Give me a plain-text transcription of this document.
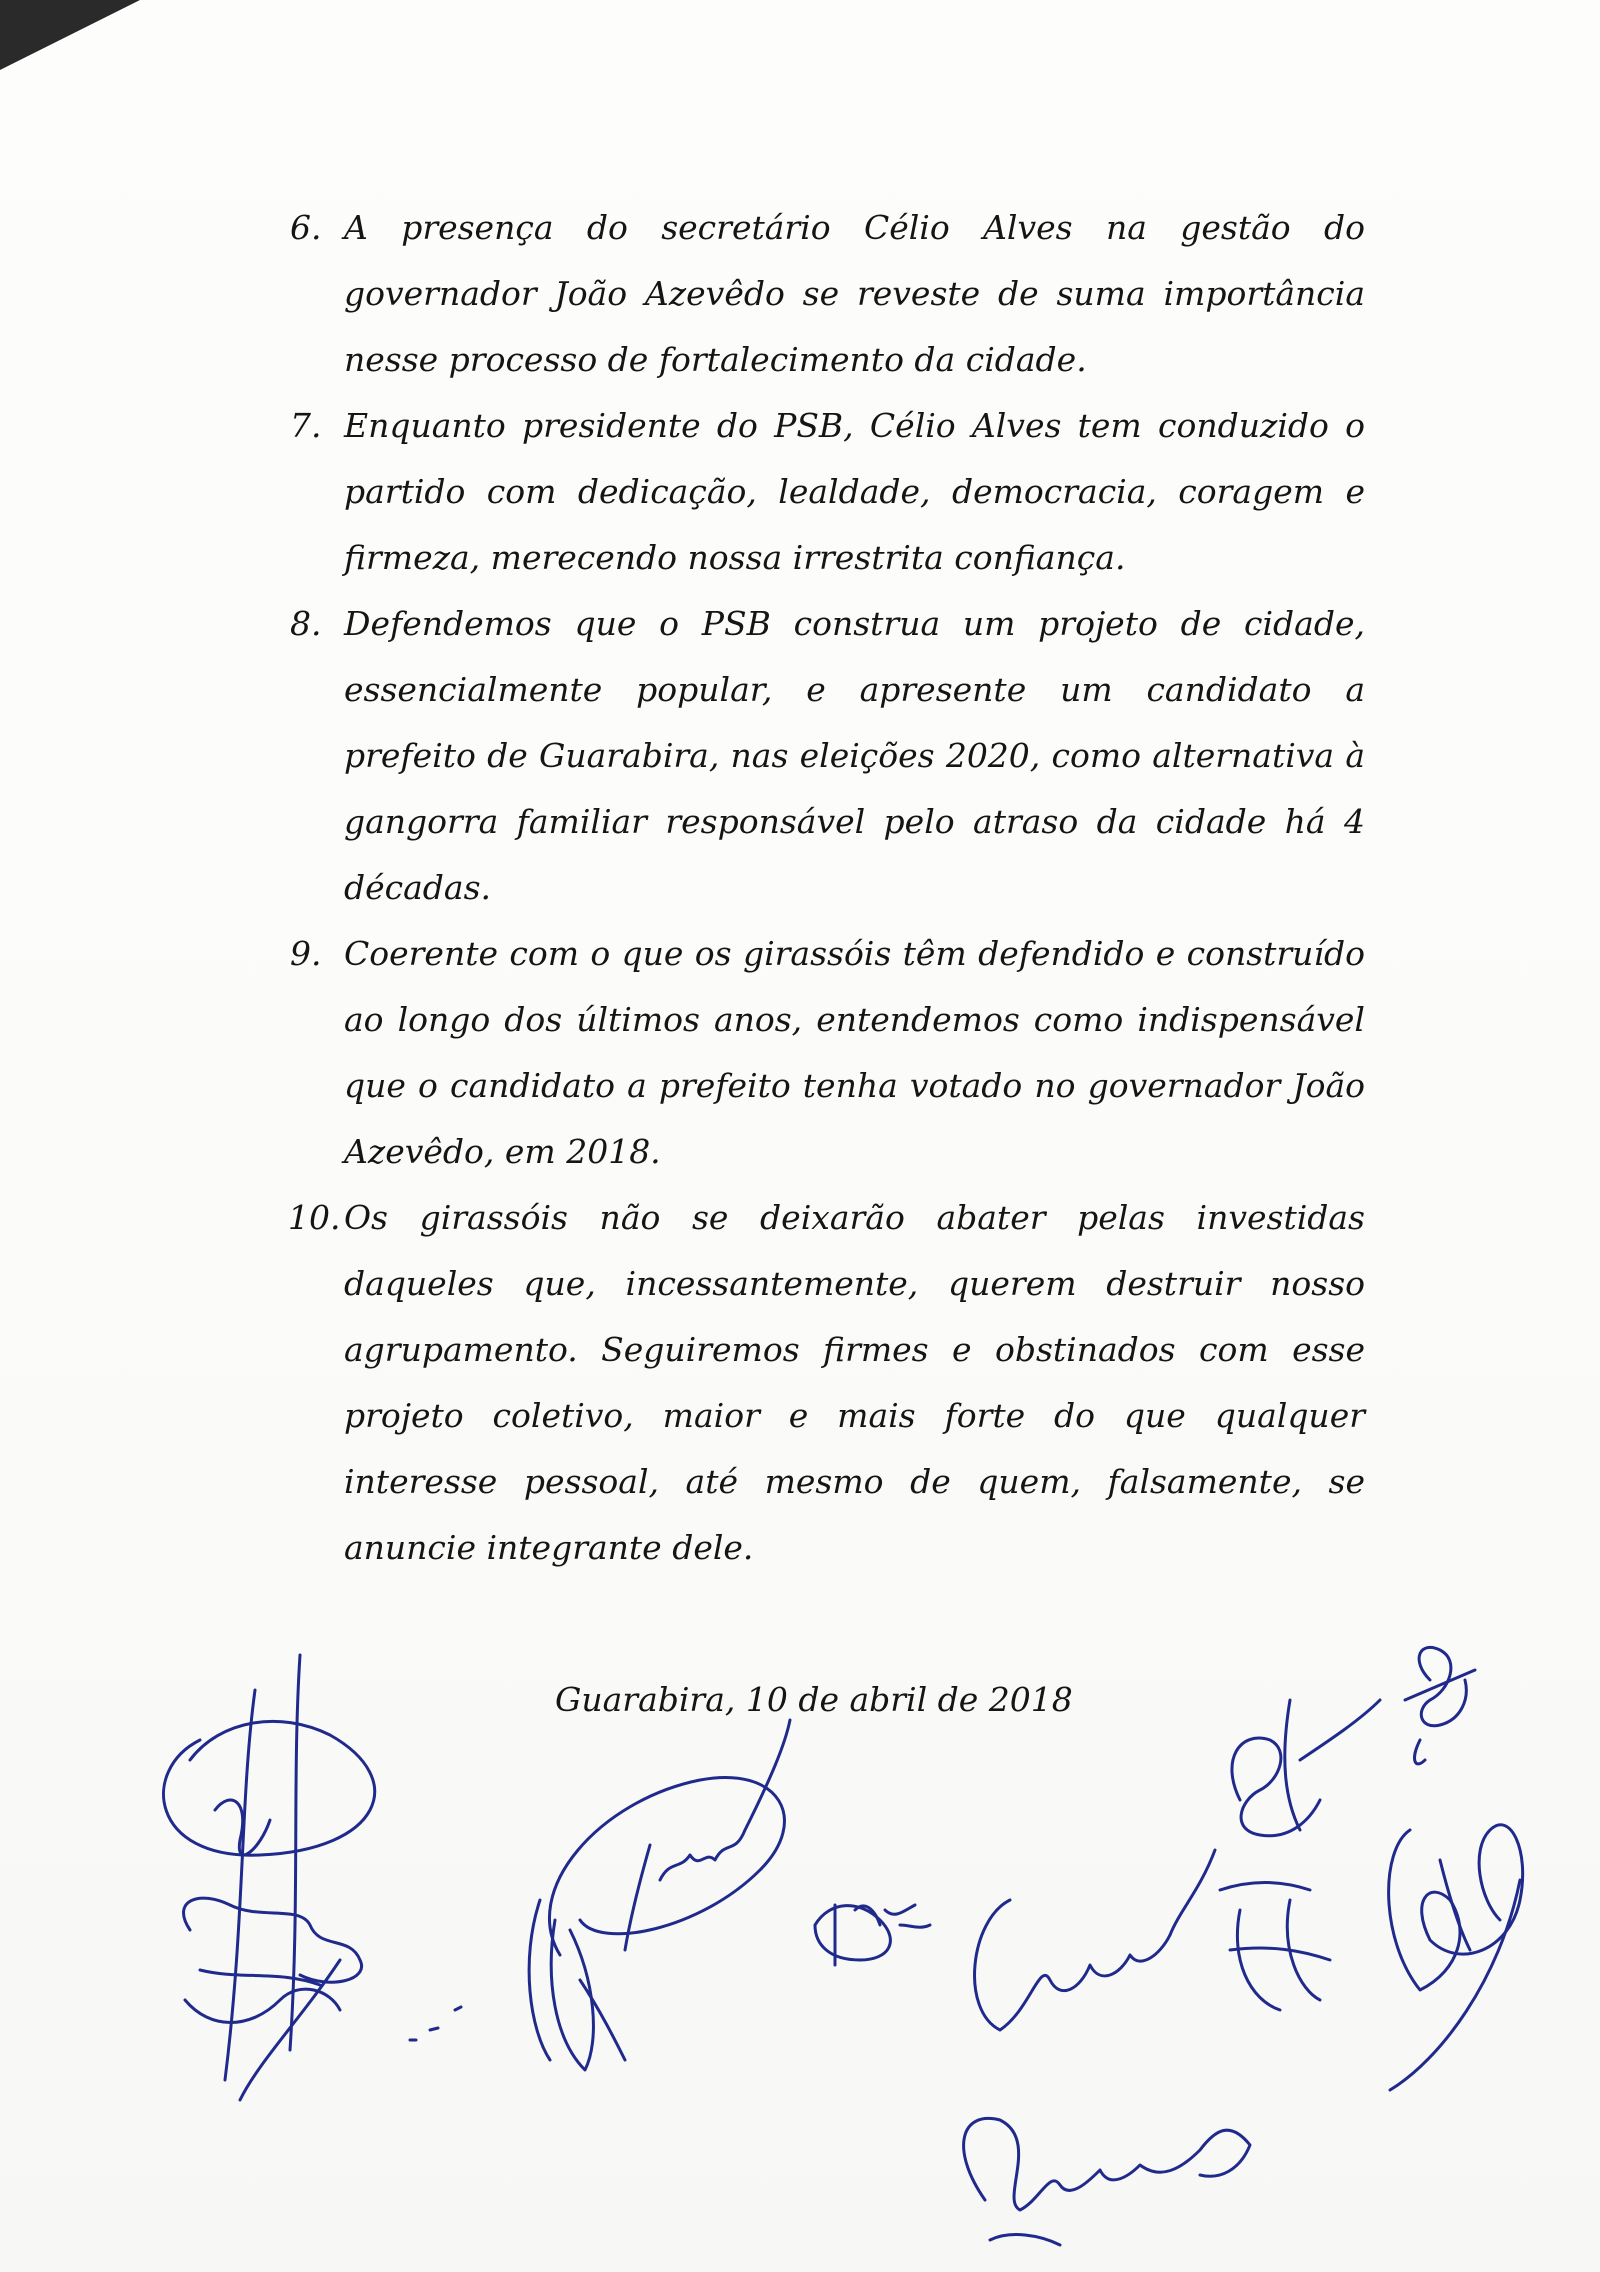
6. A presença do secretário Célio Alves na gestão do governador João Azevêdo se reveste de suma importância nesse processo de fortalecimento da cidade.
7. Enquanto presidente do PSB, Célio Alves tem conduzido o partido com dedicação, lealdade, democracia, coragem e firmeza, merecendo nossa irrestrita confiança.
8. Defendemos que o PSB construa um projeto de cidade, essencialmente popular, e apresente um candidato a prefeito de Guarabira, nas eleições 2020, como alternativa à gangorra familiar responsável pelo atraso da cidade há 4 décadas.
9. Coerente com o que os girassóis têm defendido e construído ao longo dos últimos anos, entendemos como indispensável que o candidato a prefeito tenha votado no governador João Azevêdo, em 2018.
10. Os girassóis não se deixarão abater pelas investidas daqueles que, incessantemente, querem destruir nosso agrupamento. Seguiremos firmes e obstinados com esse projeto coletivo, maior e mais forte do que qualquer interesse pessoal, até mesmo de quem, falsamente, se anuncie integrante dele.
Guarabira, 10 de abril de 2018
